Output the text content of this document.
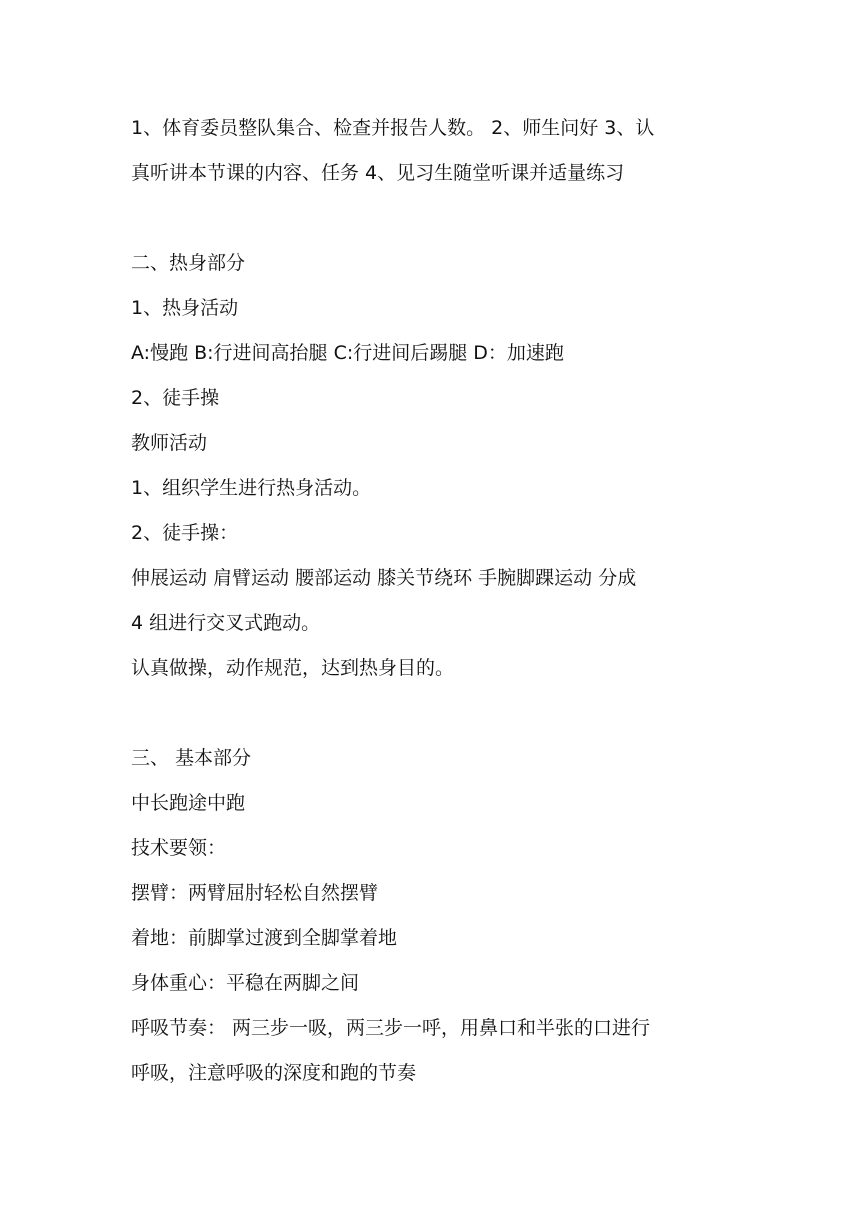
1、体育委员整队集合、检查并报告人数。 2、师生问好 3、认
真听讲本节课的内容、任务 4、见习生随堂听课并适量练习
二、热身部分
1、热身活动
A:慢跑 B:行进间高抬腿 C:行进间后踢腿 D：加速跑
2、徒手操
教师活动
1、组织学生进行热身活动。
2、徒手操：
伸展运动 肩臂运动 腰部运动 膝关节绕环 手腕脚踝运动 分成
4 组进行交叉式跑动。
认真做操，动作规范，达到热身目的。
三、 基本部分
中长跑途中跑
技术要领：
摆臂：两臂屈肘轻松自然摆臂
着地：前脚掌过渡到全脚掌着地
身体重心：平稳在两脚之间
呼吸节奏： 两三步一吸，两三步一呼，用鼻口和半张的口进行
呼吸，注意呼吸的深度和跑的节奏
